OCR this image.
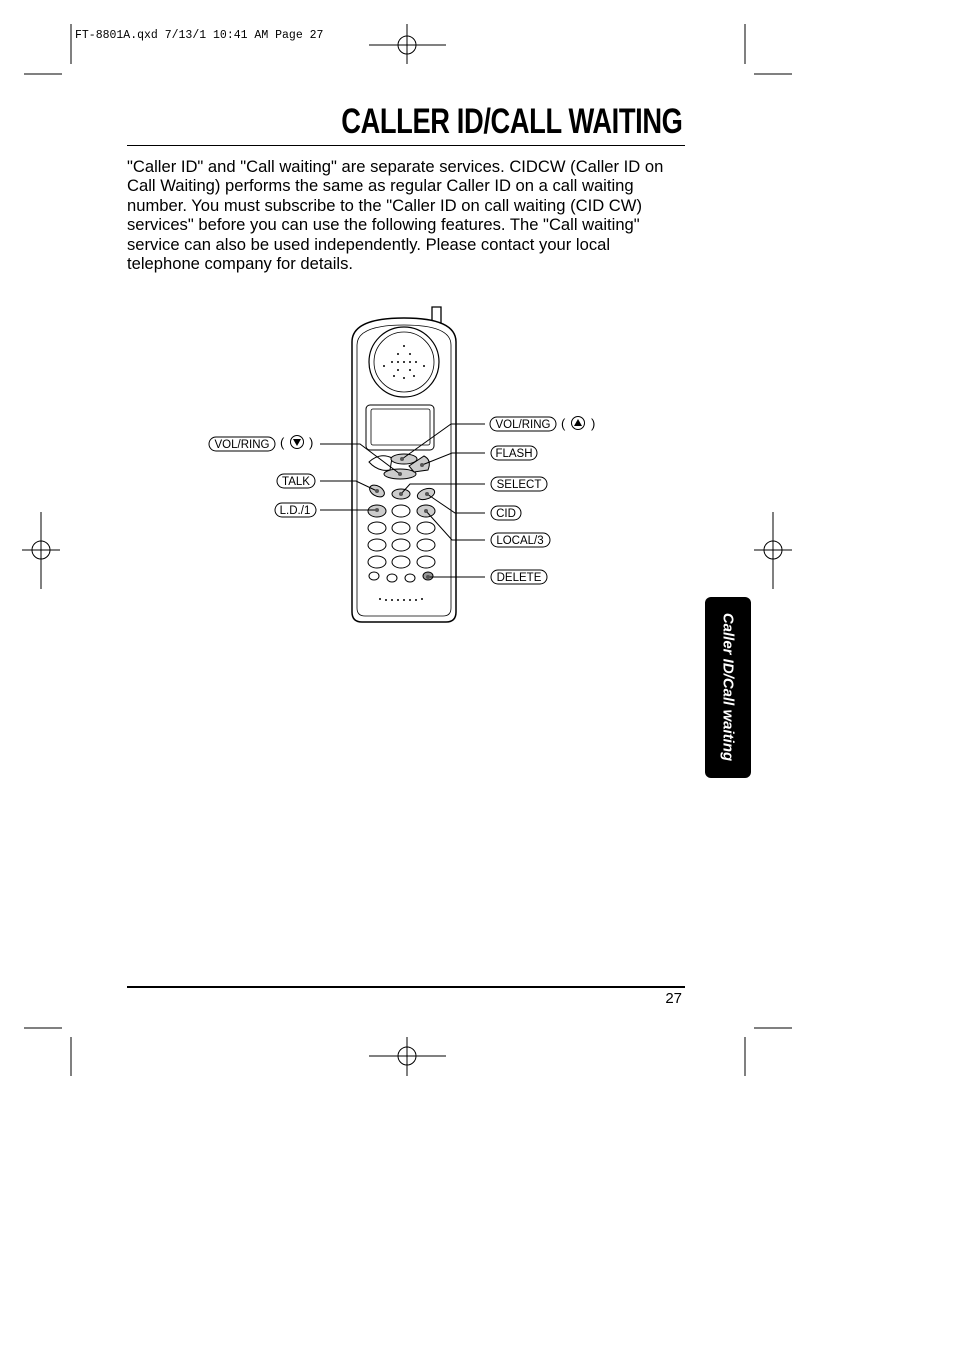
FT-8801A.qxd 7/13/1 10:41 AM Page 27
CALLER ID/CALL WAITING
"Caller ID" and "Call waiting" are separate services. CIDCW (Caller ID on Call Waiting) performs the same as regular Caller ID on a call waiting number. You must subscribe to the "Caller ID on call waiting (CID CW) services" before you can use the following features. The "Call waiting" service can also be used independently. Please contact your local telephone company for details.
VOL/RING ( )
TALK
L.D./1
VOL/RING ( )
FLASH
SELECT
CID
LOCAL/3
DELETE
Caller ID/Call waiting
27
